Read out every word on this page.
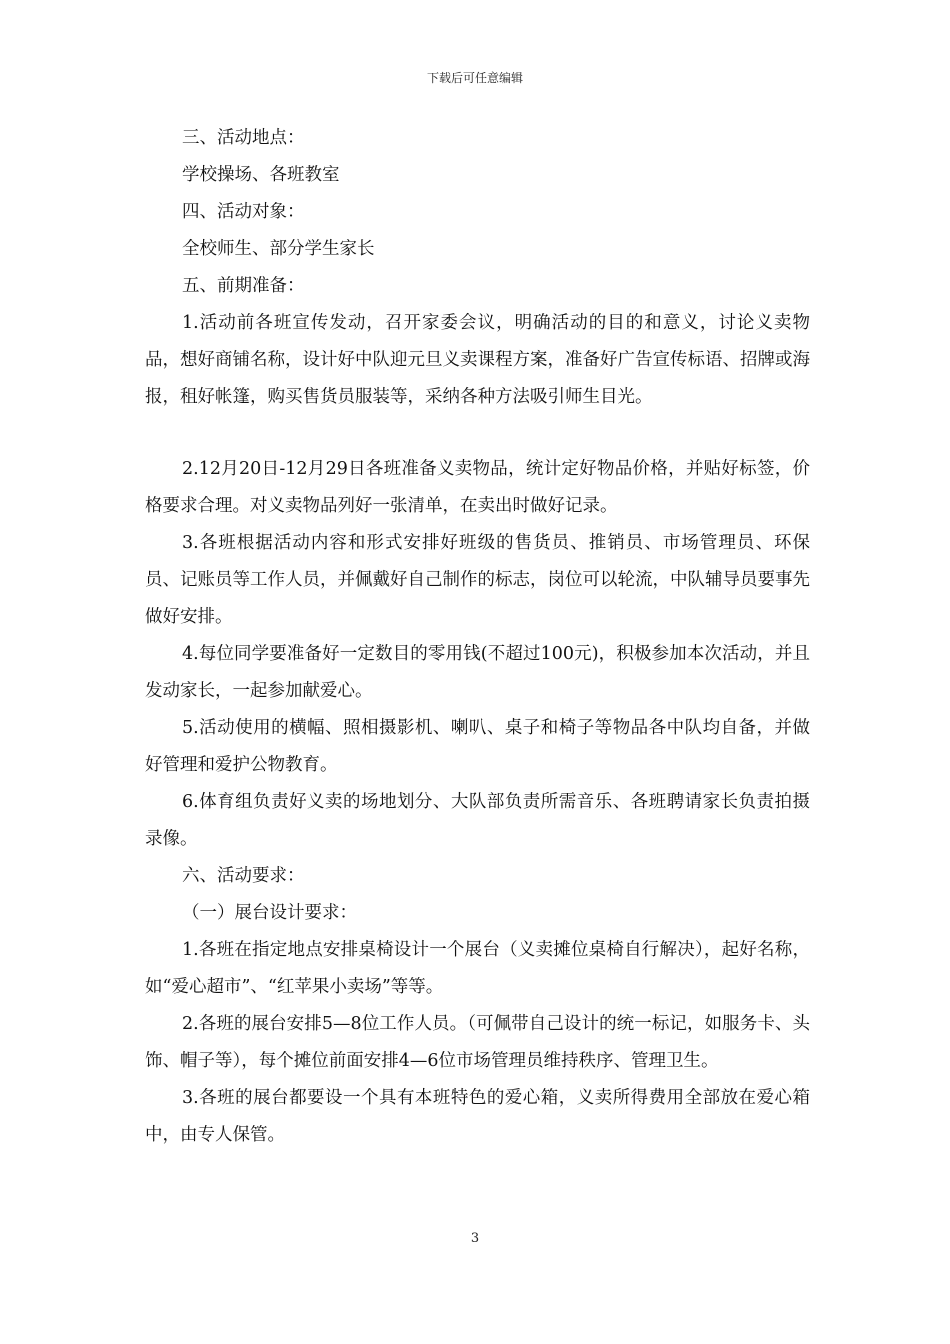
下载后可任意编辑

三、活动地点：

学校操场、各班教室

四、活动对象：

全校师生、部分学生家长

五、前期准备：

1.活动前各班宣传发动，召开家委会议，明确活动的目的和意义，讨论义卖物品，想好商铺名称，设计好中队迎元旦义卖课程方案，准备好广告宣传标语、招牌或海报，租好帐篷，购买售货员服装等，采纳各种方法吸引师生目光。

2.12月20日-12月29日各班准备义卖物品，统计定好物品价格，并贴好标签，价格要求合理。对义卖物品列好一张清单，在卖出时做好记录。

3.各班根据活动内容和形式安排好班级的售货员、推销员、市场管理员、环保员、记账员等工作人员，并佩戴好自己制作的标志，岗位可以轮流，中队辅导员要事先做好安排。

4.每位同学要准备好一定数目的零用钱(不超过100元)，积极参加本次活动，并且发动家长，一起参加献爱心。

5.活动使用的横幅、照相摄影机、喇叭、桌子和椅子等物品各中队均自备，并做好管理和爱护公物教育。

6.体育组负责好义卖的场地划分、大队部负责所需音乐、各班聘请家长负责拍摄录像。

六、活动要求：

（一）展台设计要求：

1.各班在指定地点安排桌椅设计一个展台（义卖摊位桌椅自行解决），起好名称，如“爱心超市”、“红苹果小卖场”等等。

2.各班的展台安排5—8位工作人员。（可佩带自己设计的统一标记，如服务卡、头饰、帽子等），每个摊位前面安排4—6位市场管理员维持秩序、管理卫生。

3.各班的展台都要设一个具有本班特色的爱心箱，义卖所得费用全部放在爱心箱中，由专人保管。

3
